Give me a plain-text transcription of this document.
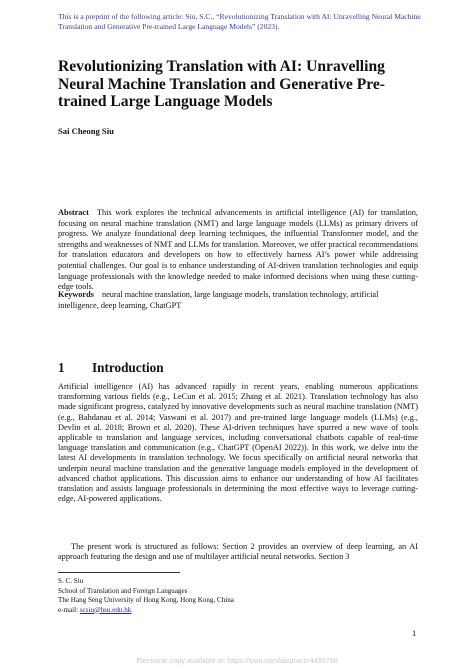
This is a preprint of the following article: Siu, S.C., “Revolutionizing Translation with AI: Unravelling Neural Machine Translation and Generative Pre-trained Large Language Models” (2023).
Revolutionizing Translation with AI: Unravelling Neural Machine Translation and Generative Pre-trained Large Language Models
Sai Cheong Siu

Abstract This work explores the technical advancements in artificial intelligence (AI) for translation, focusing on neural machine translation (NMT) and large language models (LLMs) as primary drivers of progress. We analyze foundational deep learning techniques, the influential Transformer model, and the strengths and weaknesses of NMT and LLMs for translation. Moreover, we offer practical recommendations for translation educators and developers on how to effectively harness AI’s power while addressing potential challenges. Our goal is to enhance understanding of AI-driven translation technologies and equip language professionals with the knowledge needed to make informed decisions when using these cutting-edge tools.

Keywords neural machine translation, large language models, translation technology, artificial intelligence, deep learning, ChatGPT

1 Introduction

Artificial intelligence (AI) has advanced rapidly in recent years, enabling numerous applications transforming various fields (e.g., LeCun et al. 2015; Zhang et al. 2021). Translation technology has also made significant progress, catalyzed by innovative developments such as neural machine translation (NMT) (e.g., Bahdanau et al. 2014; Vaswani et al. 2017) and pre-trained large language models (LLMs) (e.g., Devlin et al. 2018; Brown et al. 2020). These AI-driven techniques have spurred a new wave of tools applicable to translation and language services, including conversational chatbots capable of real-time language translation and communication (e.g., ChatGPT (OpenAI 2022)). In this work, we delve into the latest AI developments in translation technology. We focus specifically on artificial neural networks that underpin neural machine translation and the generative language models employed in the development of advanced chatbot applications. This discussion aims to enhance our understanding of how AI facilitates translation and assists language professionals in determining the most effective ways to leverage cutting-edge, AI-powered applications.

The present work is structured as follows: Section 2 provides an overview of deep learning, an AI approach featuring the design and use of multilayer artificial neural networks. Section 3

S. C. Siu
School of Translation and Foreign Languages
The Hang Seng University of Hong Kong, Hong Kong, China
e-mail: scsiu@hsu.edu.hk
1
Electronic copy available at: https://ssrn.com/abstract=4499768
